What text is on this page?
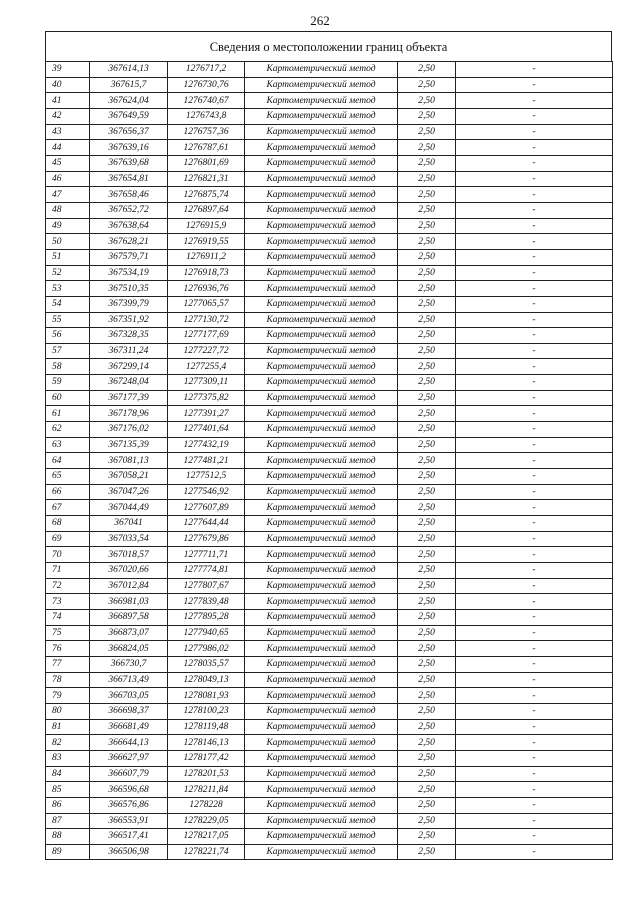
262
Сведения о местоположении границ объекта
39	367614,13	1276717,2	Картометрический метод	2,50	-
40	367615,7	1276730,76	Картометрический метод	2,50	-
41	367624,04	1276740,67	Картометрический метод	2,50	-
42	367649,59	1276743,8	Картометрический метод	2,50	-
43	367656,37	1276757,36	Картометрический метод	2,50	-
44	367639,16	1276787,61	Картометрический метод	2,50	-
45	367639,68	1276801,69	Картометрический метод	2,50	-
46	367654,81	1276821,31	Картометрический метод	2,50	-
47	367658,46	1276875,74	Картометрический метод	2,50	-
48	367652,72	1276897,64	Картометрический метод	2,50	-
49	367638,64	1276915,9	Картометрический метод	2,50	-
50	367628,21	1276919,55	Картометрический метод	2,50	-
51	367579,71	1276911,2	Картометрический метод	2,50	-
52	367534,19	1276918,73	Картометрический метод	2,50	-
53	367510,35	1276936,76	Картометрический метод	2,50	-
54	367399,79	1277065,57	Картометрический метод	2,50	-
55	367351,92	1277130,72	Картометрический метод	2,50	-
56	367328,35	1277177,69	Картометрический метод	2,50	-
57	367311,24	1277227,72	Картометрический метод	2,50	-
58	367299,14	1277255,4	Картометрический метод	2,50	-
59	367248,04	1277309,11	Картометрический метод	2,50	-
60	367177,39	1277375,82	Картометрический метод	2,50	-
61	367178,96	1277391,27	Картометрический метод	2,50	-
62	367176,02	1277401,64	Картометрический метод	2,50	-
63	367135,39	1277432,19	Картометрический метод	2,50	-
64	367081,13	1277481,21	Картометрический метод	2,50	-
65	367058,21	1277512,5	Картометрический метод	2,50	-
66	367047,26	1277546,92	Картометрический метод	2,50	-
67	367044,49	1277607,89	Картометрический метод	2,50	-
68	367041	1277644,44	Картометрический метод	2,50	-
69	367033,54	1277679,86	Картометрический метод	2,50	-
70	367018,57	1277711,71	Картометрический метод	2,50	-
71	367020,66	1277774,81	Картометрический метод	2,50	-
72	367012,84	1277807,67	Картометрический метод	2,50	-
73	366981,03	1277839,48	Картометрический метод	2,50	-
74	366897,58	1277895,28	Картометрический метод	2,50	-
75	366873,07	1277940,65	Картометрический метод	2,50	-
76	366824,05	1277986,02	Картометрический метод	2,50	-
77	366730,7	1278035,57	Картометрический метод	2,50	-
78	366713,49	1278049,13	Картометрический метод	2,50	-
79	366703,05	1278081,93	Картометрический метод	2,50	-
80	366698,37	1278100,23	Картометрический метод	2,50	-
81	366681,49	1278119,48	Картометрический метод	2,50	-
82	366644,13	1278146,13	Картометрический метод	2,50	-
83	366627,97	1278177,42	Картометрический метод	2,50	-
84	366607,79	1278201,53	Картометрический метод	2,50	-
85	366596,68	1278211,84	Картометрический метод	2,50	-
86	366576,86	1278228	Картометрический метод	2,50	-
87	366553,91	1278229,05	Картометрический метод	2,50	-
88	366517,41	1278217,05	Картометрический метод	2,50	-
89	366506,98	1278221,74	Картометрический метод	2,50	-
